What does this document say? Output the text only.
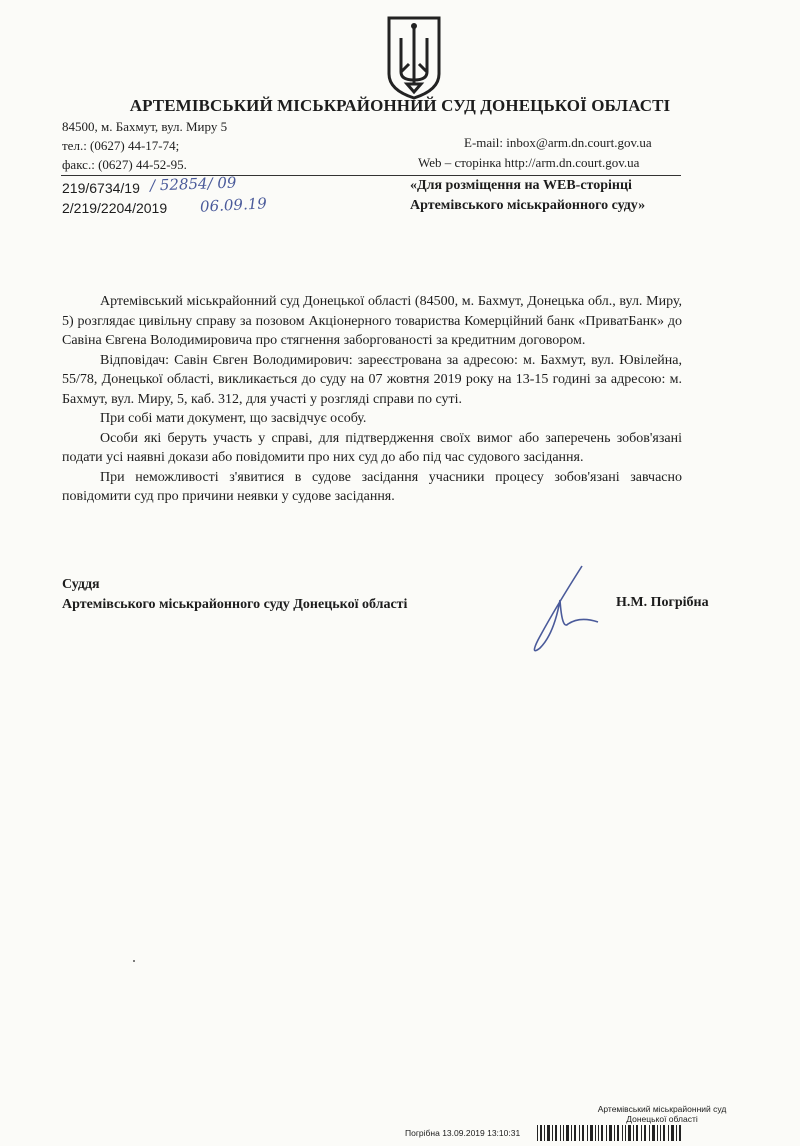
АРТЕМІВСЬКИЙ МІСЬКРАЙОННИЙ СУД ДОНЕЦЬКОЇ ОБЛАСТІ
84500, м. Бахмут, вул. Миру 5
тел.: (0627) 44-17-74;
факс.: (0627) 44-52-95.
E-mail: inbox@arm.dn.court.gov.ua
Web – сторінка http://arm.dn.court.gov.ua
219/6734/19
2/219/2204/2019
/ 52854/ 09
06.09.19
«Для розміщення на WEB-сторінці
Артемівського міськрайонного суду»

Артемівський міськрайонний суд Донецької області (84500, м. Бахмут, Донецька обл., вул. Миру, 5) розглядає цивільну справу за позовом Акціонерного товариства Комерційний банк «ПриватБанк» до Савіна Євгена Володимировича про стягнення заборгованості за кредитним договором.

Відповідач: Савін Євген Володимирович: зареєстрована за адресою: м. Бахмут, вул. Ювілейна, 55/78, Донецької області, викликається до суду на 07 жовтня 2019 року на 13-15 годині за адресою: м. Бахмут, вул. Миру, 5, каб. 312, для участі у розгляді справи по суті.

При собі мати документ, що засвідчує особу.

Особи які беруть участь у справі, для підтвердження своїх вимог або заперечень зобов'язані подати усі наявні докази або повідомити про них суд до або під час судового засідання.

При неможливості з'явитися в судове засідання учасники процесу зобов'язані завчасно повідомити суд про причини неявки у судове засідання.

Суддя
Артемівського міськрайонного суду Донецької області	Н.М. Погрібна
Артемівський міськрайонний суд Донецької області
Погрібна 13.09.2019 13:10:31
